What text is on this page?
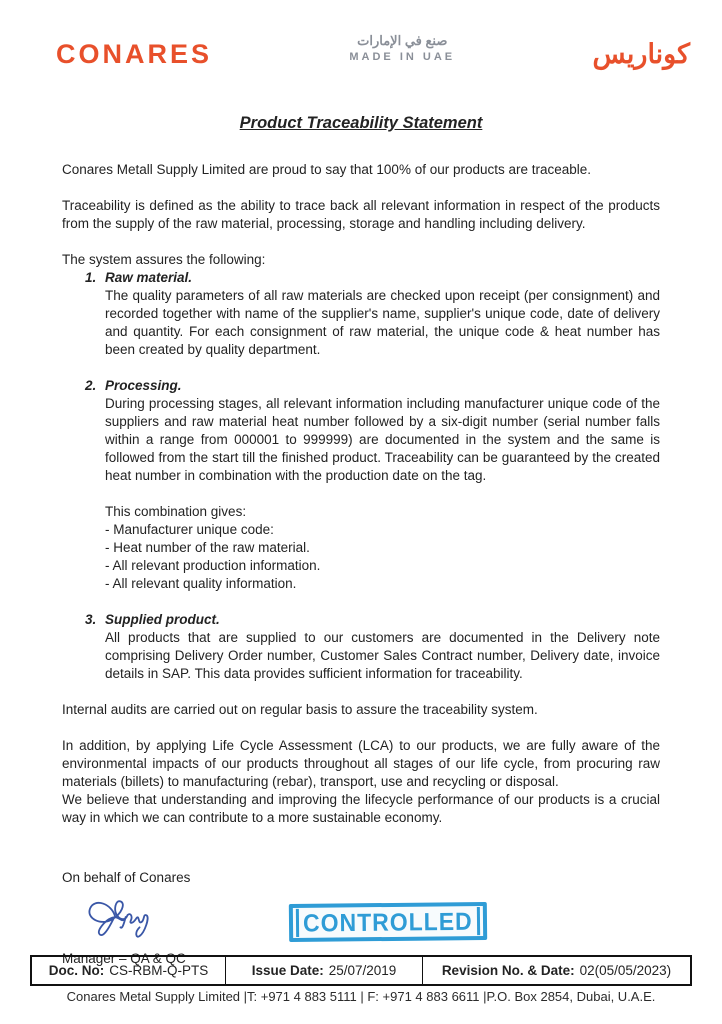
CONARES	صنع في الإمارات
MADE IN UAE	كوناريس
Product Traceability Statement

Conares Metall Supply Limited are proud to say that 100% of our products are traceable.

Traceability is defined as the ability to trace back all relevant information in respect of the products from the supply of the raw material, processing, storage and handling including delivery.

The system assures the following:

1. Raw material.

The quality parameters of all raw materials are checked upon receipt (per consignment) and recorded together with name of the supplier's name, supplier's unique code, date of delivery and quantity. For each consignment of raw material, the unique code & heat number has been created by quality department.

2. Processing.

During processing stages, all relevant information including manufacturer unique code of the suppliers and raw material heat number followed by a six-digit number (serial number falls within a range from 000001 to 999999) are documented in the system and the same is followed from the start till the finished product. Traceability can be guaranteed by the created heat number in combination with the production date on the tag.

This combination gives:
- Manufacturer unique code:
- Heat number of the raw material.
- All relevant production information.
- All relevant quality information.
3. Supplied product.

All products that are supplied to our customers are documented in the Delivery note comprising Delivery Order number, Customer Sales Contract number, Delivery date, invoice details in SAP. This data provides sufficient information for traceability.

Internal audits are carried out on regular basis to assure the traceability system.

In addition, by applying Life Cycle Assessment (LCA) to our products, we are fully aware of the environmental impacts of our products throughout all stages of our life cycle, from procuring raw materials (billets) to manufacturing (rebar), transport, use and recycling or disposal.

We believe that understanding and improving the lifecycle performance of our products is a crucial way in which we can contribute to a more sustainable economy.

On behalf of Conares
Manager – QA & QC
CONTROLLED
Doc. No: CS-RBM-Q-PTS	Issue Date: 25/07/2019	Revision No. & Date: 02(05/05/2023)
Conares Metal Supply Limited |T: +971 4 883 5111 | F: +971 4 883 6611 |P.O. Box 2854, Dubai, U.A.E.
